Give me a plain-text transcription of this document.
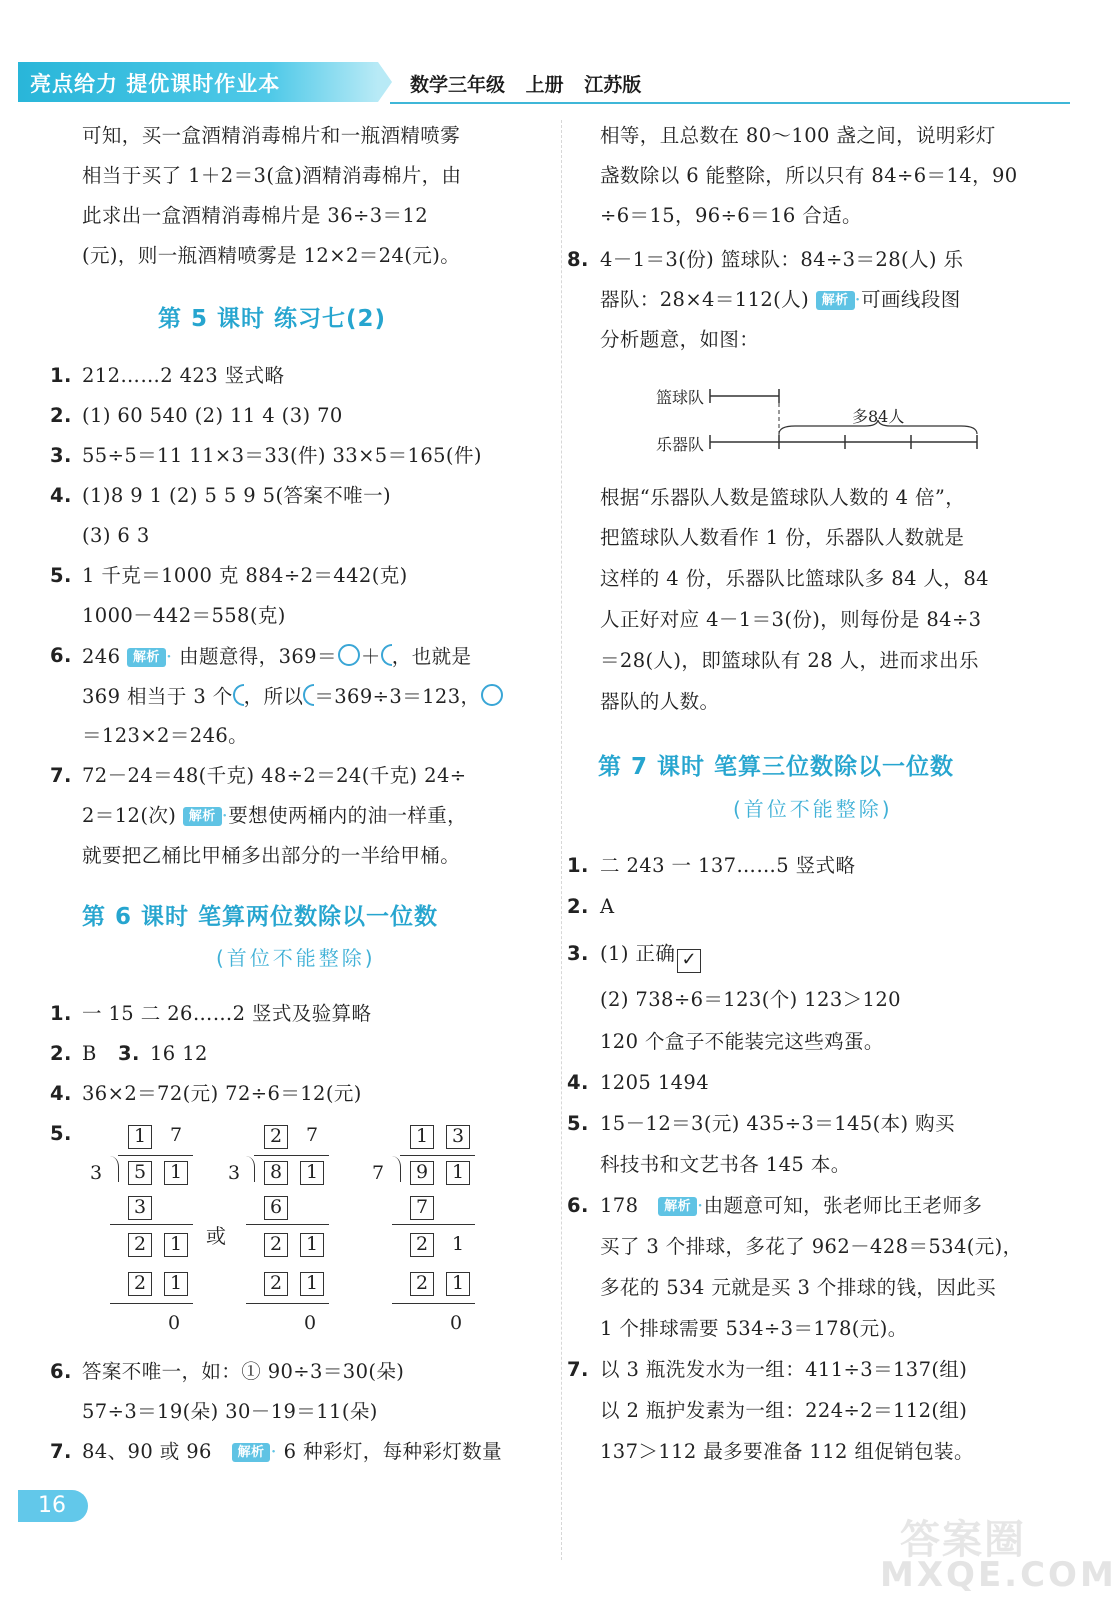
亮点给力 提优课时作业本	数学三年级 上册 江苏版
可知，买一盒酒精消毒棉片和一瓶酒精喷雾
相当于买了 1＋2＝3(盒)酒精消毒棉片，由
此求出一盒酒精消毒棉片是 36÷3＝12
(元)，则一瓶酒精喷雾是 12×2＝24(元)。
第 5 课时 练习七(2)
1. 212……2 423 竖式略
2. (1) 60 540 (2) 11 4 (3) 70
3. 55÷5＝11 11×3＝33(件) 33×5＝165(件)
4. (1)8 9 1 (2) 5 5 9 5(答案不唯一)
(3) 6 3
5. 1 千克＝1000 克 884÷2＝442(克)
1000－442＝558(克)
6. 246 解析 · 由题意得，369＝ ＋ ，也就是
369 相当于 3 个 ，所以 ＝369÷3＝123，
＝123×2＝246。
7. 72－24＝48(千克) 48÷2＝24(千克) 24÷
2＝12(次) 解析 ·要想使两桶内的油一样重，
就要把乙桶比甲桶多出部分的一半给甲桶。
第 6 课时 笔算两位数除以一位数
(首位不能整除)
1. 一 15 二 26……2 竖式及验算略
2. B 3. 16 12
4. 36×2＝72(元) 72÷6＝12(元)
5.	1	7
3	5	1
3
2	1
2	1
0
或
2	7
3	8	1
6
2	1
2	1
0
1	3
7	9	1
7
2	1
2	1
0
6. 答案不唯一，如：① 90÷3＝30(朵)
57÷3＝19(朵) 30－19＝11(朵)
7. 84、90 或 96 解析 · 6 种彩灯，每种彩灯数量
相等，且总数在 80～100 盏之间，说明彩灯
盏数除以 6 能整除，所以只有 84÷6＝14，90
÷6＝15，96÷6＝16 合适。
8. 4－1＝3(份) 篮球队：84÷3＝28(人) 乐
器队：28×4＝112(人) 解析 ·可画线段图
分析题意，如图：
篮球队
乐器队
多84人
根据“乐器队人数是篮球队人数的 4 倍”，
把篮球队人数看作 1 份，乐器队人数就是
这样的 4 份，乐器队比篮球队多 84 人，84
人正好对应 4－1＝3(份)，则每份是 84÷3
＝28(人)，即篮球队有 28 人，进而求出乐
器队的人数。
第 7 课时 笔算三位数除以一位数
(首位不能整除)
1. 二 243 一 137……5 竖式略
2. A
3. (1) 正确 ✓
(2) 738÷6＝123(个) 123＞120
120 个盒子不能装完这些鸡蛋。
4. 1205 1494
5. 15－12＝3(元) 435÷3＝145(本) 购买
科技书和文艺书各 145 本。
6. 178 解析 ·由题意可知，张老师比王老师多
买了 3 个排球，多花了 962－428＝534(元)，
多花的 534 元就是买 3 个排球的钱，因此买
1 个排球需要 534÷3＝178(元)。
7. 以 3 瓶洗发水为一组：411÷3＝137(组)
以 2 瓶护发素为一组：224÷2＝112(组)
137＞112 最多要准备 112 组促销包装。
16
答案圈
MXQE.COM
